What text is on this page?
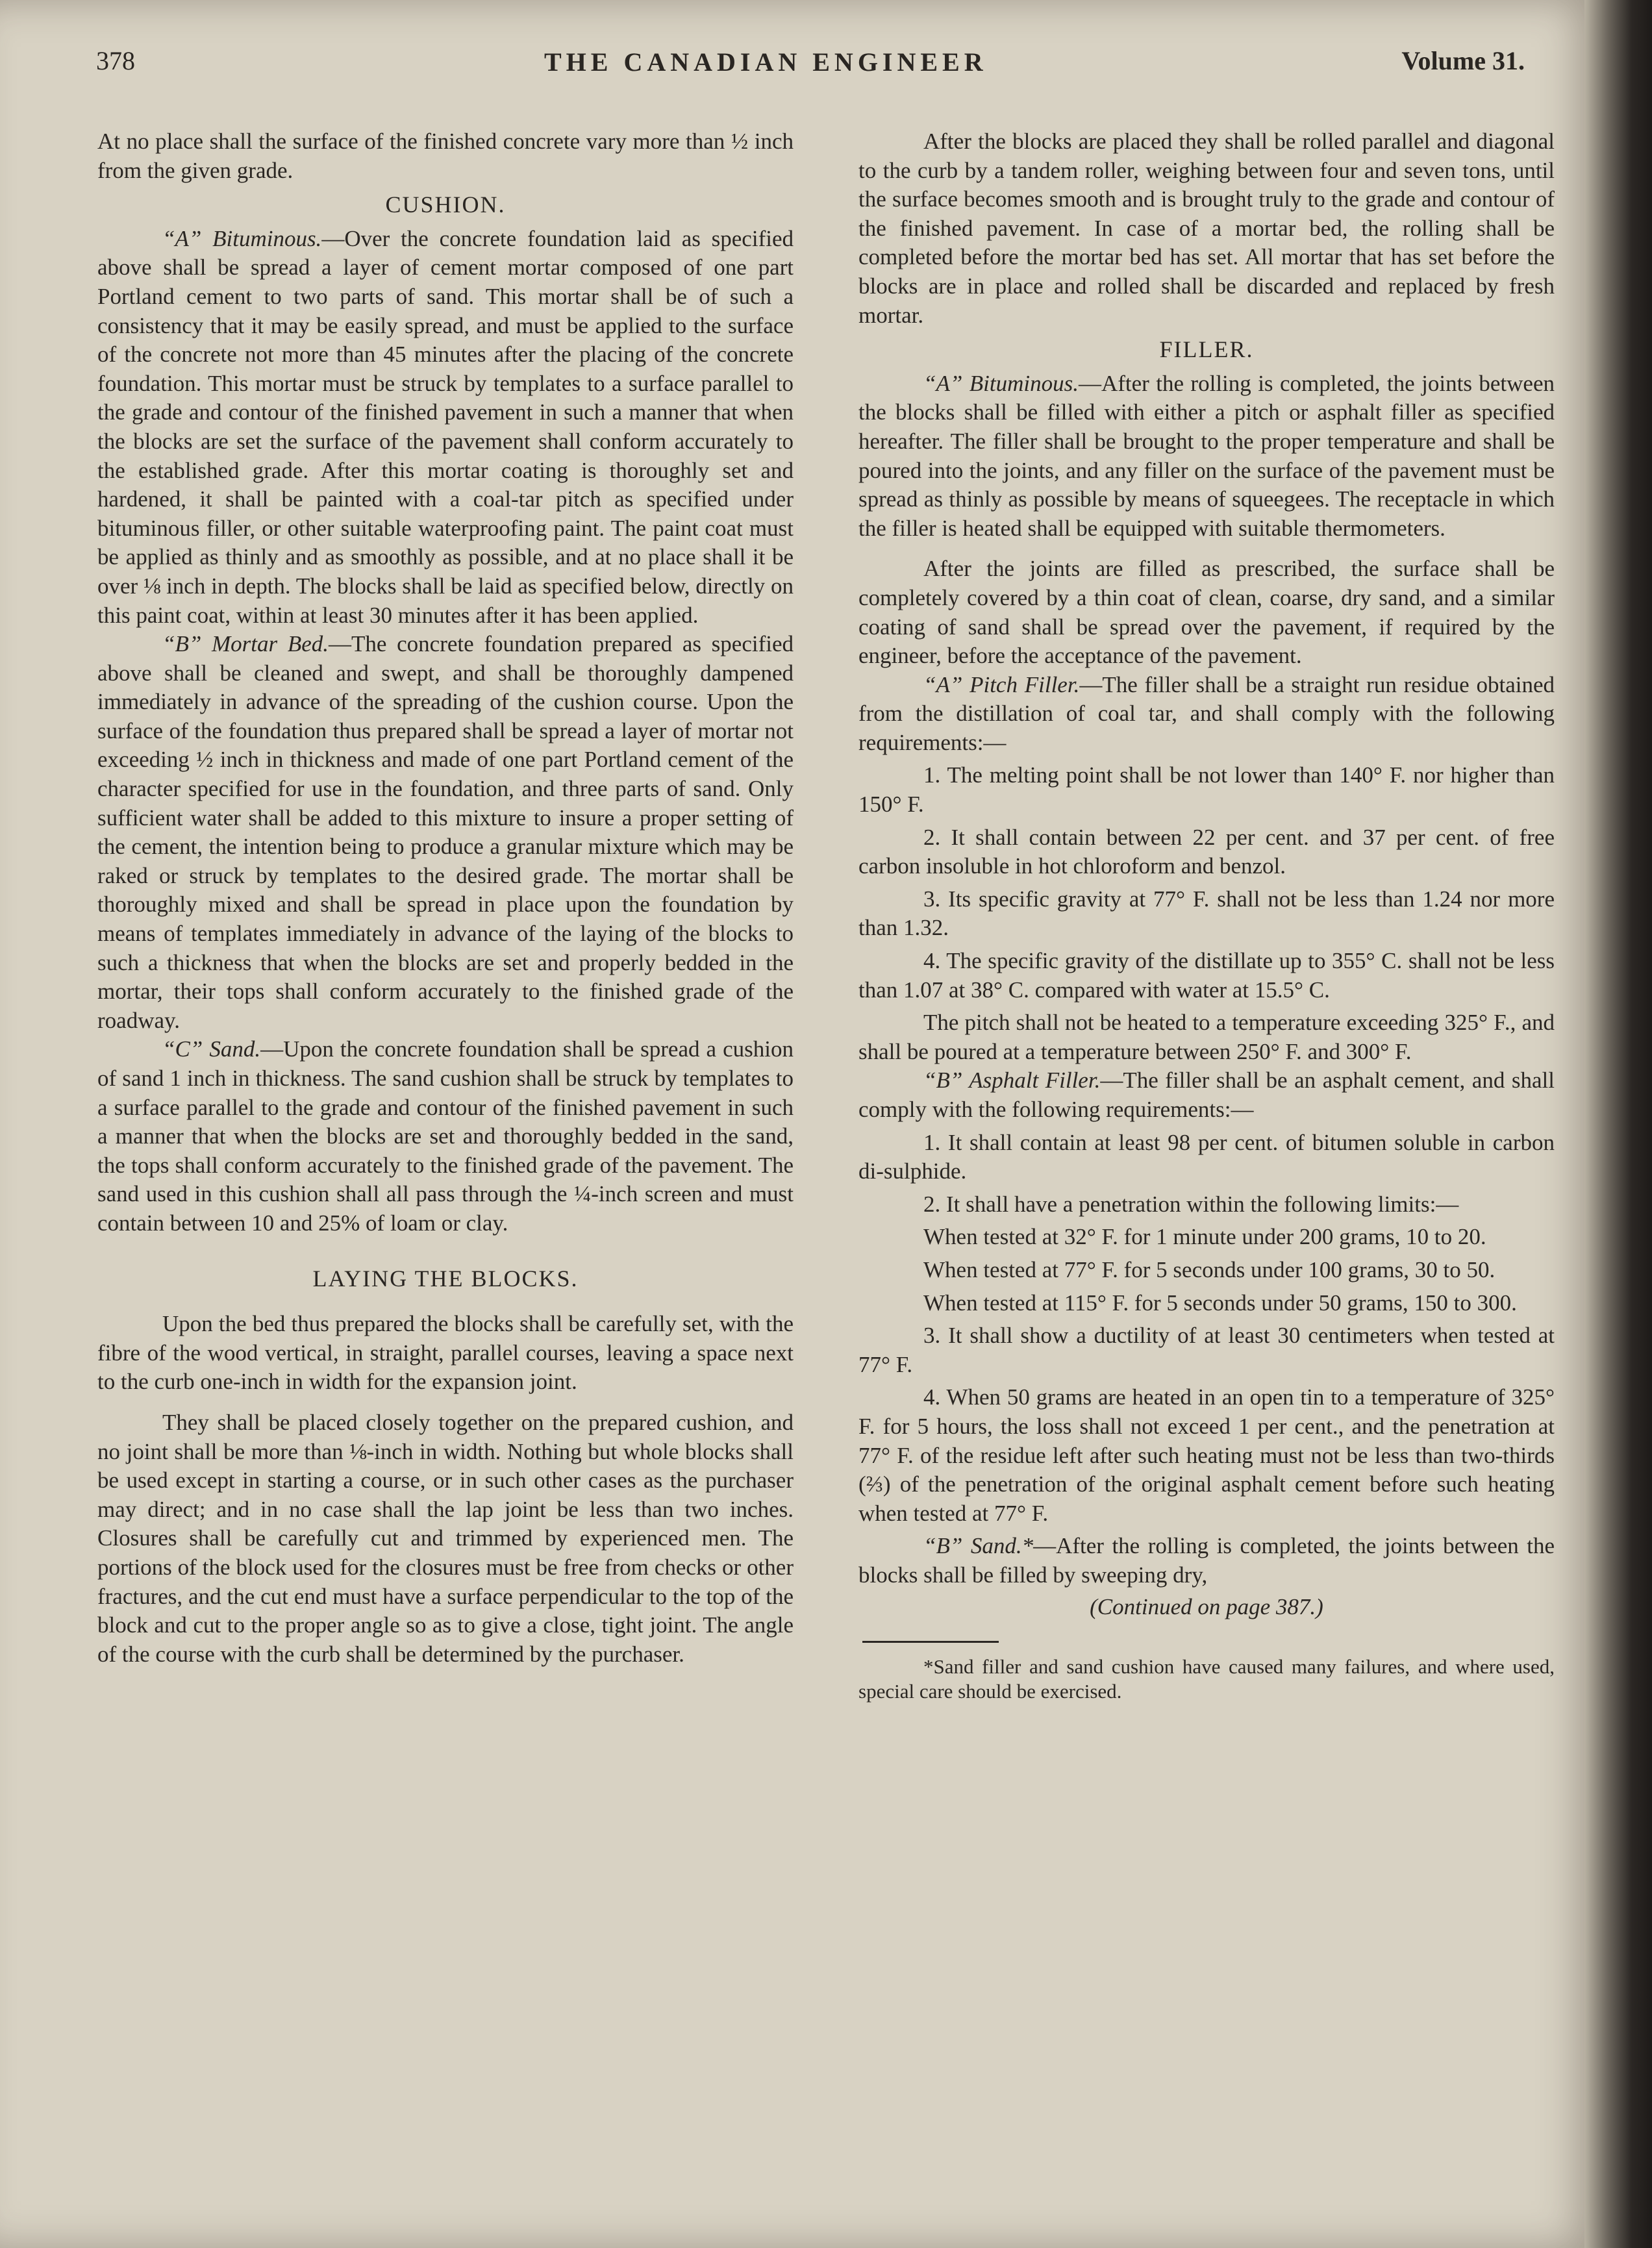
378	THE CANADIAN ENGINEER	Volume 31.

At no place shall the surface of the finished concrete vary more than ½ inch from the given grade.

CUSHION.

“A” Bituminous.—Over the concrete foundation laid as specified above shall be spread a layer of cement mortar composed of one part Portland cement to two parts of sand. This mortar shall be of such a consistency that it may be easily spread, and must be applied to the surface of the concrete not more than 45 minutes after the placing of the concrete foundation. This mortar must be struck by templates to a surface parallel to the grade and contour of the finished pavement in such a manner that when the blocks are set the surface of the pavement shall conform accurately to the established grade. After this mortar coating is thoroughly set and hardened, it shall be painted with a coal-tar pitch as specified under bituminous filler, or other suitable waterproofing paint. The paint coat must be applied as thinly and as smoothly as possible, and at no place shall it be over ⅛ inch in depth. The blocks shall be laid as specified below, directly on this paint coat, within at least 30 minutes after it has been applied.

“B” Mortar Bed.—The concrete foundation prepared as specified above shall be cleaned and swept, and shall be thoroughly dampened immediately in advance of the spreading of the cushion course. Upon the surface of the foundation thus prepared shall be spread a layer of mortar not exceeding ½ inch in thickness and made of one part Portland cement of the character specified for use in the foundation, and three parts of sand. Only sufficient water shall be added to this mixture to insure a proper setting of the cement, the intention being to produce a granular mixture which may be raked or struck by templates to the desired grade. The mortar shall be thoroughly mixed and shall be spread in place upon the foundation by means of templates immediately in advance of the laying of the blocks to such a thickness that when the blocks are set and properly bedded in the mortar, their tops shall conform accurately to the finished grade of the roadway.

“C” Sand.—Upon the concrete foundation shall be spread a cushion of sand 1 inch in thickness. The sand cushion shall be struck by templates to a surface parallel to the grade and contour of the finished pavement in such a manner that when the blocks are set and thoroughly bedded in the sand, the tops shall conform accurately to the finished grade of the pavement. The sand used in this cushion shall all pass through the ¼-inch screen and must contain between 10 and 25% of loam or clay.

LAYING THE BLOCKS.

Upon the bed thus prepared the blocks shall be carefully set, with the fibre of the wood vertical, in straight, parallel courses, leaving a space next to the curb one-inch in width for the expansion joint.

They shall be placed closely together on the prepared cushion, and no joint shall be more than ⅛-inch in width. Nothing but whole blocks shall be used except in starting a course, or in such other cases as the purchaser may direct; and in no case shall the lap joint be less than two inches. Closures shall be carefully cut and trimmed by experienced men. The portions of the block used for the closures must be free from checks or other fractures, and the cut end must have a surface perpendicular to the top of the block and cut to the proper angle so as to give a close, tight joint. The angle of the course with the curb shall be determined by the purchaser.

After the blocks are placed they shall be rolled parallel and diagonal to the curb by a tandem roller, weighing between four and seven tons, until the surface becomes smooth and is brought truly to the grade and contour of the finished pavement. In case of a mortar bed, the rolling shall be completed before the mortar bed has set. All mortar that has set before the blocks are in place and rolled shall be discarded and replaced by fresh mortar.

FILLER.

“A” Bituminous.—After the rolling is completed, the joints between the blocks shall be filled with either a pitch or asphalt filler as specified hereafter. The filler shall be brought to the proper temperature and shall be poured into the joints, and any filler on the surface of the pavement must be spread as thinly as possible by means of squeegees. The receptacle in which the filler is heated shall be equipped with suitable thermometers.

After the joints are filled as prescribed, the surface shall be completely covered by a thin coat of clean, coarse, dry sand, and a similar coating of sand shall be spread over the pavement, if required by the engineer, before the acceptance of the pavement.

“A” Pitch Filler.—The filler shall be a straight run residue obtained from the distillation of coal tar, and shall comply with the following requirements:—

1. The melting point shall be not lower than 140° F. nor higher than 150° F.

2. It shall contain between 22 per cent. and 37 per cent. of free carbon insoluble in hot chloroform and benzol.

3. Its specific gravity at 77° F. shall not be less than 1.24 nor more than 1.32.

4. The specific gravity of the distillate up to 355° C. shall not be less than 1.07 at 38° C. compared with water at 15.5° C.

The pitch shall not be heated to a temperature exceeding 325° F., and shall be poured at a temperature between 250° F. and 300° F.

“B” Asphalt Filler.—The filler shall be an asphalt cement, and shall comply with the following requirements:—

1. It shall contain at least 98 per cent. of bitumen soluble in carbon di-sulphide.

2. It shall have a penetration within the following limits:—

When tested at 32° F. for 1 minute under 200 grams, 10 to 20.

When tested at 77° F. for 5 seconds under 100 grams, 30 to 50.

When tested at 115° F. for 5 seconds under 50 grams, 150 to 300.

3. It shall show a ductility of at least 30 centimeters when tested at 77° F.

4. When 50 grams are heated in an open tin to a temperature of 325° F. for 5 hours, the loss shall not exceed 1 per cent., and the penetration at 77° F. of the residue left after such heating must not be less than two-thirds (⅔) of the penetration of the original asphalt cement before such heating when tested at 77° F.

“B” Sand.*—After the rolling is completed, the joints between the blocks shall be filled by sweeping dry,

(Continued on page 387.)

*Sand filler and sand cushion have caused many failures, and where used, special care should be exercised.
